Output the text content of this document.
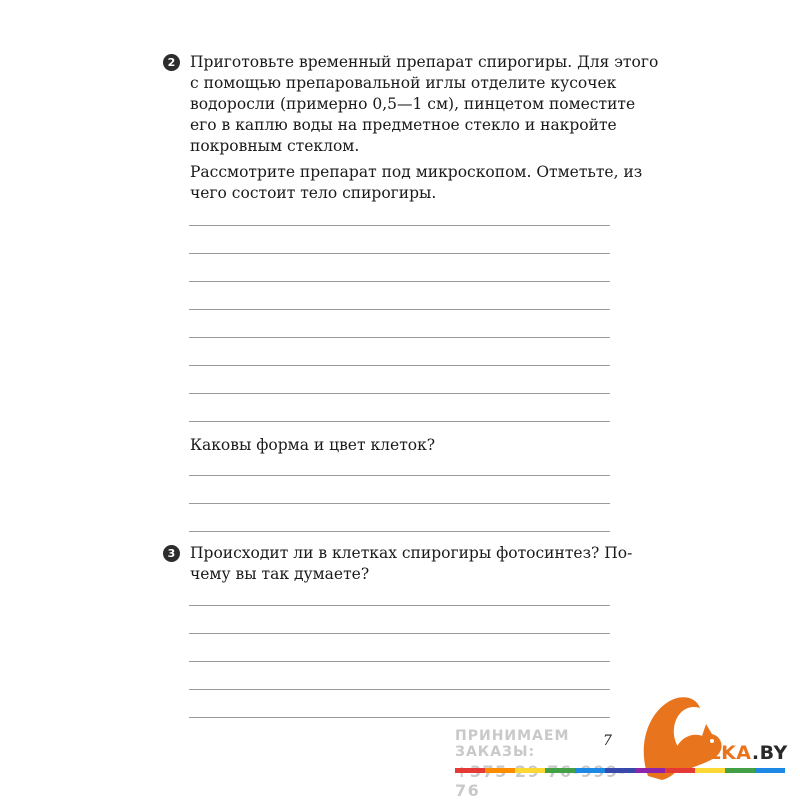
2 Приготовьте временный препарат спирогиры. Для этого
с помощью препаровальной иглы отделите кусочек
водоросли (примерно 0,5—1 см), пинцетом поместите
его в каплю воды на предметное стекло и накройте
покровным стеклом.

Рассмотрите препарат под микроскопом. Отметьте, из
чего состоит тело спирогиры.

Каковы форма и цвет клеток?

3 Происходит ли в клетках спирогиры фотосинтез? По-
чему вы так думаете?

ПРИНИМАЕМ ЗАКАЗЫ:
76
7
BELKA.BY
